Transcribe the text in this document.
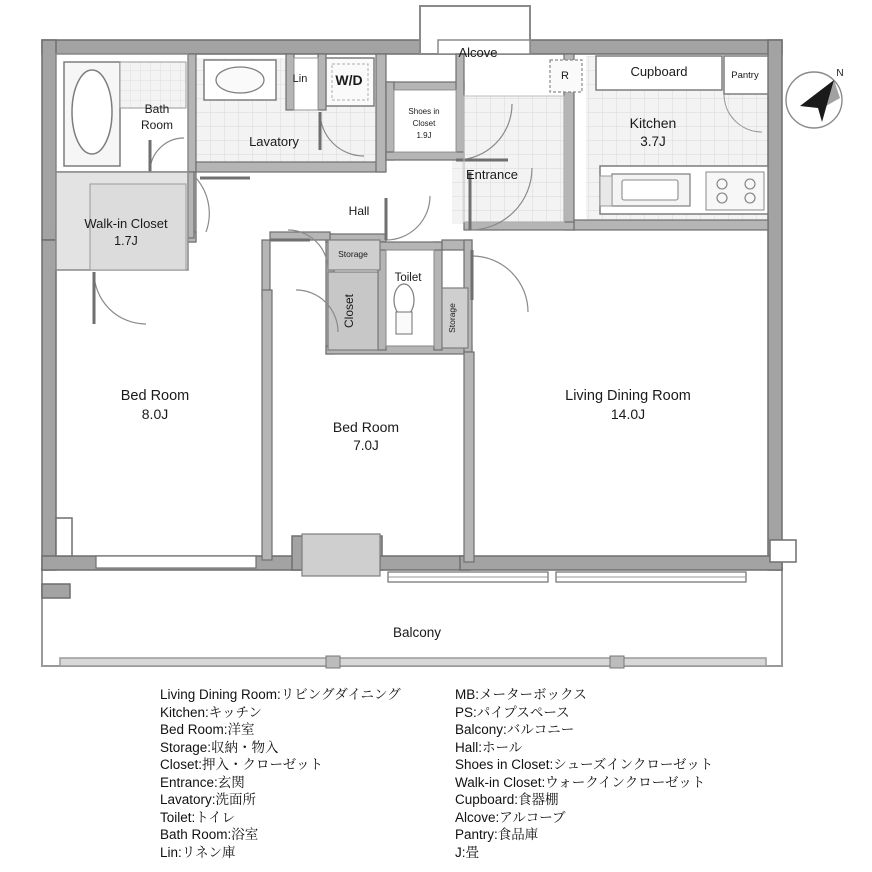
N
Living Dining Room
14.0J
Kitchen
3.7J
Bed Room
8.0J
Bed Room
7.0J
Walk-in Closet
1.7J
Shoes in
Closet
1.9J
Balcony
Entrance
Lavatory
Bath
Room
Toilet
Hall
Closet
Storage
Storage
Alcove
Cupboard	Pantry
W/D
Lin	R
Living Dining Room:リビングダイニング
Kitchen:キッチン
Bed Room:洋室
Storage:収納・物入
Closet:押入・クローゼット
Entrance:玄関
Lavatory:洗面所
Toilet:トイレ
Bath Room:浴室
Lin:リネン庫
MB:メーターボックス
PS:パイプスペース
Balcony:バルコニー
Hall:ホール
Shoes in Closet:シューズインクローゼット
Walk-in Closet:ウォークインクローゼット
Cupboard:食器棚
Alcove:アルコーブ
Pantry:食品庫
J:畳
